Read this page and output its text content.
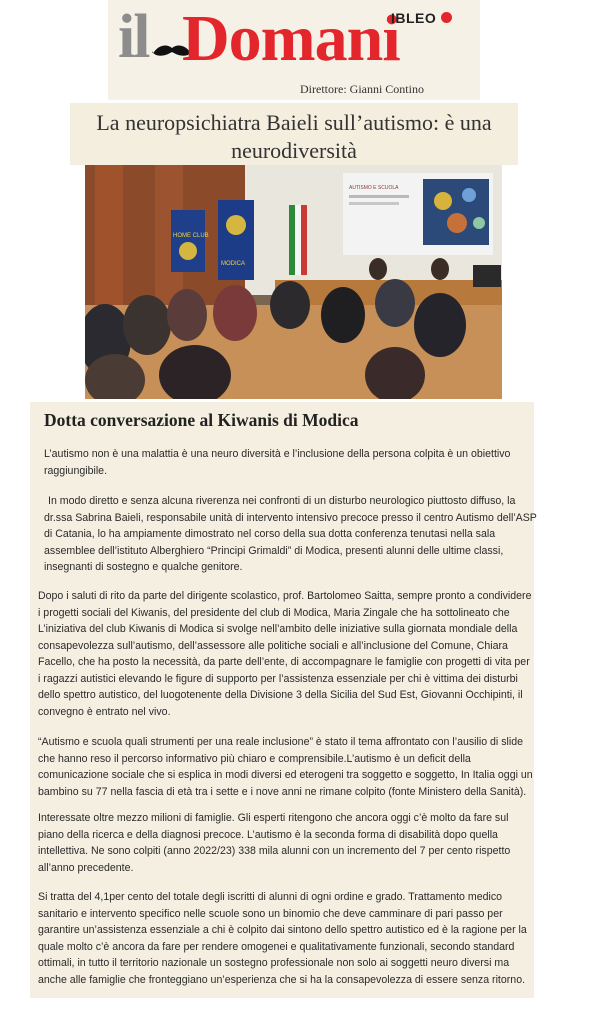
il Domani
IBLEO
Direttore: Gianni Contino
La neuropsichiatra Baieli sull’autismo: è una neurodiversità
AUTISMO E SCUOLA
HOME CLUB
MODICA
Dotta conversazione al Kiwanis di Modica

L’autismo non è una malattia è una neuro diversità e l’inclusione della persona colpita è un obiettivo raggiungibile.

In modo diretto e senza alcuna riverenza nei confronti di un disturbo neurologico piuttosto diffuso, la dr.ssa Sabrina Baieli, responsabile unità di intervento intensivo precoce presso il centro Autismo dell’ASP di Catania, lo ha ampiamente dimostrato nel corso della sua dotta conferenza tenutasi nella sala assemblee dell’istituto Alberghiero “Principi Grimaldi” di Modica, presenti alunni delle ultime classi, insegnanti di sostegno e qualche genitore.

Dopo i saluti di rito da parte del dirigente scolastico, prof. Bartolomeo Saitta, sempre pronto a condividere i progetti sociali del Kiwanis, del presidente del club di Modica, Maria Zingale che ha sottolineato che L’iniziativa del club Kiwanis di Modica si svolge nell’ambito delle iniziative sulla giornata mondiale della consapevolezza sull’autismo, dell’assessore alle politiche sociali e all’inclusione del Comune, Chiara Facello, che ha posto la necessità, da parte dell’ente, di accompagnare le famiglie con progetti di vita per i ragazzi autistici elevando le figure di supporto per l’assistenza essenziale per chi è vittima dei disturbi dello spettro autistico, del luogotenente della Divisione 3 della Sicilia del Sud Est, Giovanni Occhipinti, il convegno è entrato nel vivo.

“Autismo e scuola quali strumenti per una reale inclusione” è stato il tema affrontato con l’ausilio di slide che hanno reso il percorso informativo più chiaro e comprensibile.L’autismo è un deficit della comunicazione sociale che si esplica in modi diversi ed eterogeni tra soggetto e soggetto, In Italia oggi un bambino su 77 nella fascia di età tra i sette e i nove anni ne rimane colpito (fonte Ministero della Sanità).

Interessate oltre mezzo milioni di famiglie. Gli esperti ritengono che ancora oggi c’è molto da fare sul piano della ricerca e della diagnosi precoce. L’autismo è la seconda forma di disabilità dopo quella intellettiva. Ne sono colpiti (anno 2022/23) 338 mila alunni con un incremento del 7 per cento rispetto all’anno precedente.

Si tratta del 4,1per cento del totale degli iscritti di alunni di ogni ordine e grado. Trattamento medico sanitario e intervento specifico nelle scuole sono un binomio che deve camminare di pari passo per garantire un’assistenza essenziale a chi è colpito dai sintono dello spettro autistico ed è la ragione per la quale molto c’è ancora da fare per rendere omogenei e qualitativamente funzionali, secondo standard ottimali, in tutto il territorio nazionale un sostegno professionale non solo ai soggetti neuro diversi ma anche alle famiglie che fronteggiano un’esperienza che si ha la consapevolezza di essere senza ritorno.
